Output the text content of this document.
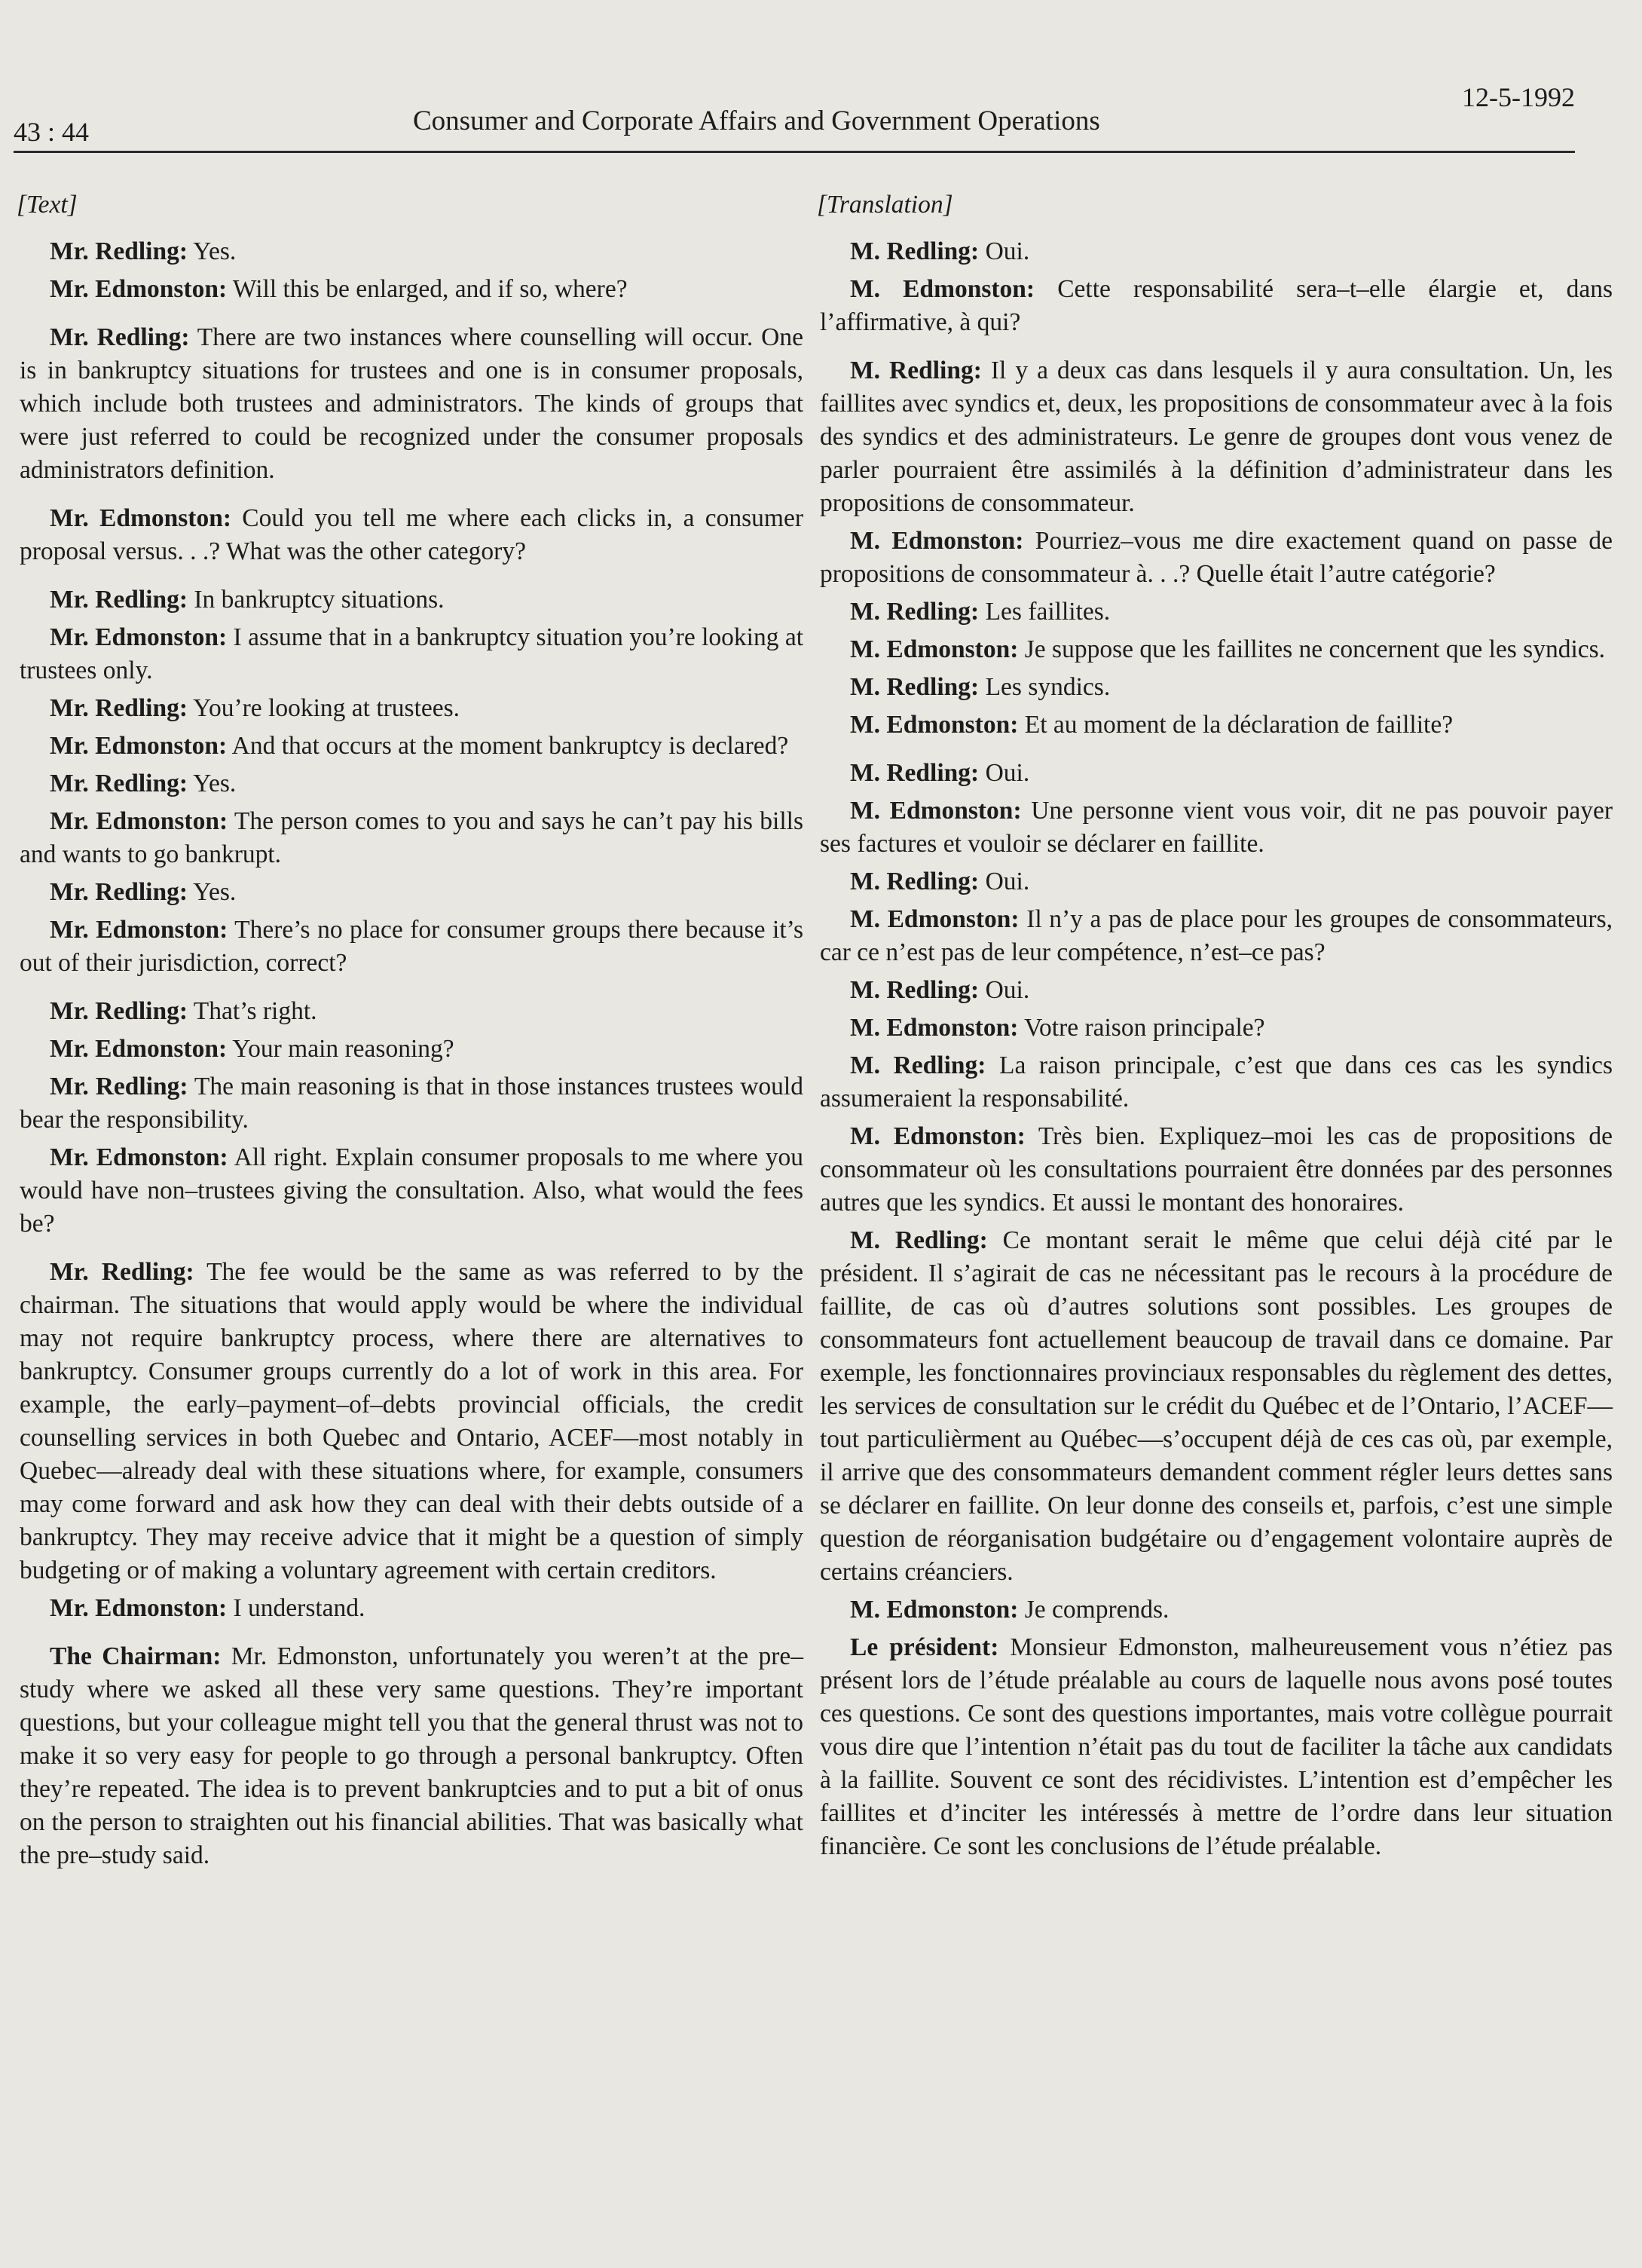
43 : 44	Consumer and Corporate Affairs and Government Operations
12-5-1992
[Text]

Mr. Redling: Yes.

Mr. Edmonston: Will this be enlarged, and if so, where?

Mr. Redling: There are two instances where counselling will occur. One is in bankruptcy situations for trustees and one is in consumer proposals, which include both trustees and administrators. The kinds of groups that were just referred to could be recognized under the consumer proposals administrators definition.

Mr. Edmonston: Could you tell me where each clicks in, a consumer proposal versus. . .? What was the other category?

Mr. Redling: In bankruptcy situations.

Mr. Edmonston: I assume that in a bankruptcy situation you’re looking at trustees only.

Mr. Redling: You’re looking at trustees.

Mr. Edmonston: And that occurs at the moment bankruptcy is declared?

Mr. Redling: Yes.

Mr. Edmonston: The person comes to you and says he can’t pay his bills and wants to go bankrupt.

Mr. Redling: Yes.

Mr. Edmonston: There’s no place for consumer groups there because it’s out of their jurisdiction, correct?

Mr. Redling: That’s right.

Mr. Edmonston: Your main reasoning?

Mr. Redling: The main reasoning is that in those instances trustees would bear the responsibility.

Mr. Edmonston: All right. Explain consumer proposals to me where you would have non–trustees giving the consultation. Also, what would the fees be?

Mr. Redling: The fee would be the same as was referred to by the chairman. The situations that would apply would be where the individual may not require bankruptcy process, where there are alternatives to bankruptcy. Consumer groups currently do a lot of work in this area. For example, the early–payment–of–debts provincial officials, the credit counselling services in both Quebec and Ontario, ACEF—most notably in Quebec—already deal with these situations where, for example, consumers may come forward and ask how they can deal with their debts outside of a bankruptcy. They may receive advice that it might be a question of simply budgeting or of making a voluntary agreement with certain creditors.

Mr. Edmonston: I understand.

The Chairman: Mr. Edmonston, unfortunately you weren’t at the pre–study where we asked all these very same questions. They’re important questions, but your colleague might tell you that the general thrust was not to make it so very easy for people to go through a personal bankruptcy. Often they’re repeated. The idea is to prevent bankruptcies and to put a bit of onus on the person to straighten out his financial abilities. That was basically what the pre–study said.

[Translation]

M. Redling: Oui.

M. Edmonston: Cette responsabilité sera–t–elle élargie et, dans l’affirmative, à qui?

M. Redling: Il y a deux cas dans lesquels il y aura consultation. Un, les faillites avec syndics et, deux, les propositions de consommateur avec à la fois des syndics et des administrateurs. Le genre de groupes dont vous venez de parler pourraient être assimilés à la définition d’administrateur dans les propositions de consommateur.

M. Edmonston: Pourriez–vous me dire exactement quand on passe de propositions de consommateur à. . .? Quelle était l’autre catégorie?

M. Redling: Les faillites.

M. Edmonston: Je suppose que les faillites ne concernent que les syndics.

M. Redling: Les syndics.

M. Edmonston: Et au moment de la déclaration de faillite?

M. Redling: Oui.

M. Edmonston: Une personne vient vous voir, dit ne pas pouvoir payer ses factures et vouloir se déclarer en faillite.

M. Redling: Oui.

M. Edmonston: Il n’y a pas de place pour les groupes de consommateurs, car ce n’est pas de leur compétence, n’est–ce pas?

M. Redling: Oui.

M. Edmonston: Votre raison principale?

M. Redling: La raison principale, c’est que dans ces cas les syndics assumeraient la responsabilité.

M. Edmonston: Très bien. Expliquez–moi les cas de propositions de consommateur où les consultations pourraient être données par des personnes autres que les syndics. Et aussi le montant des honoraires.

M. Redling: Ce montant serait le même que celui déjà cité par le président. Il s’agirait de cas ne nécessitant pas le recours à la procédure de faillite, de cas où d’autres solutions sont possibles. Les groupes de consommateurs font actuellement beaucoup de travail dans ce domaine. Par exemple, les fonctionnaires provinciaux responsables du règlement des dettes, les services de consultation sur le crédit du Québec et de l’Ontario, l’ACEF—tout particulièrment au Québec—s’occupent déjà de ces cas où, par exemple, il arrive que des consommateurs demandent comment régler leurs dettes sans se déclarer en faillite. On leur donne des conseils et, parfois, c’est une simple question de réorganisation budgétaire ou d’engagement volontaire auprès de certains créanciers.

M. Edmonston: Je comprends.

Le président: Monsieur Edmonston, malheureusement vous n’étiez pas présent lors de l’étude préalable au cours de laquelle nous avons posé toutes ces questions. Ce sont des questions importantes, mais votre collègue pourrait vous dire que l’intention n’était pas du tout de faciliter la tâche aux candidats à la faillite. Souvent ce sont des récidivistes. L’intention est d’empêcher les faillites et d’inciter les intéressés à mettre de l’ordre dans leur situation financière. Ce sont les conclusions de l’étude préalable.
